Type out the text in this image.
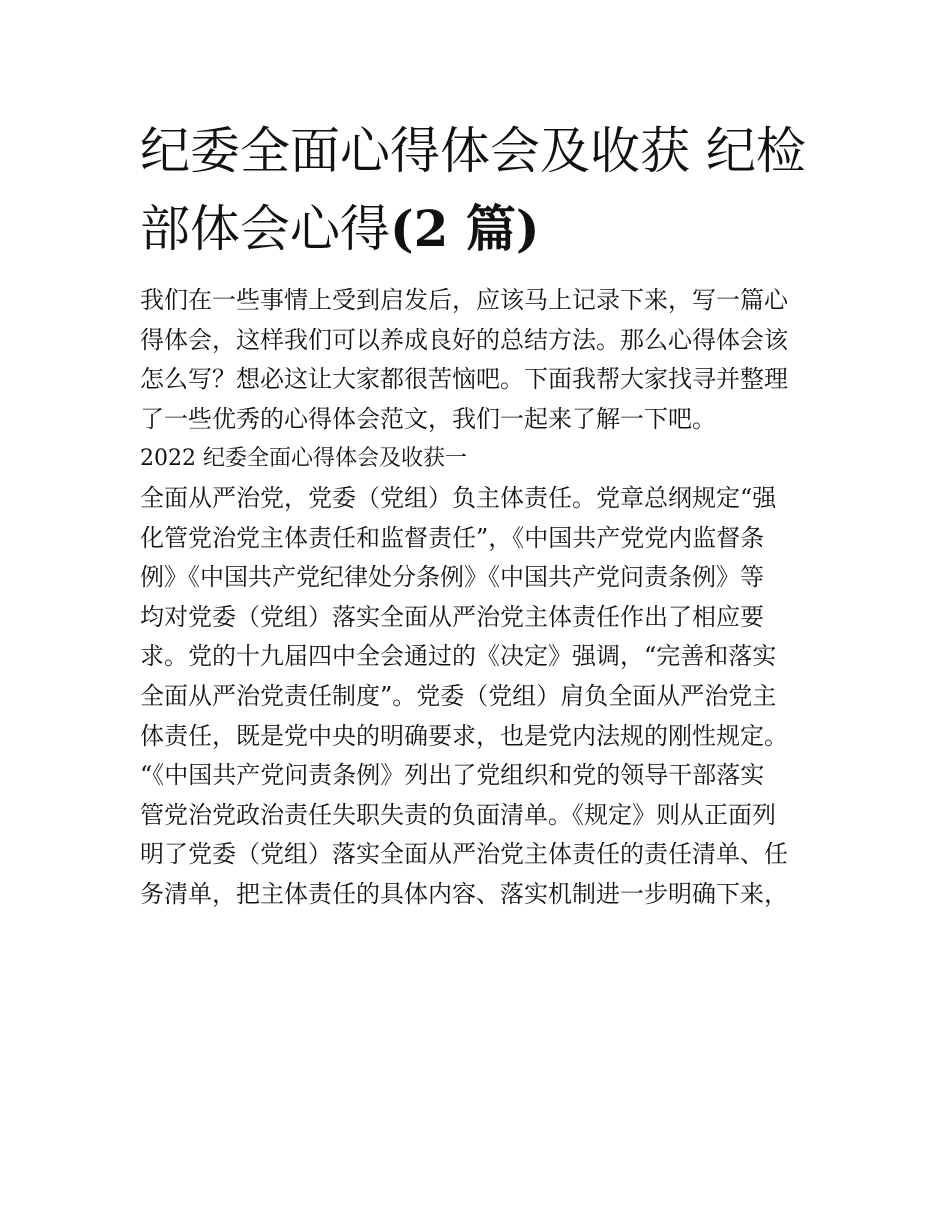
纪委全面心得体会及收获 纪检
部体会心得(2 篇)
我们在一些事情上受到启发后，应该马上记录下来，写一篇心
得体会，这样我们可以养成良好的总结方法。那么心得体会该
怎么写？想必这让大家都很苦恼吧。下面我帮大家找寻并整理
了一些优秀的心得体会范文，我们一起来了解一下吧。
2022 纪委全面心得体会及收获一
全面从严治党，党委（党组）负主体责任。党章总纲规定“强
化管党治党主体责任和监督责任”，《中国共产党党内监督条
例》《中国共产党纪律处分条例》《中国共产党问责条例》等
均对党委（党组）落实全面从严治党主体责任作出了相应要
求。党的十九届四中全会通过的《决定》强调，“完善和落实
全面从严治党责任制度”。党委（党组）肩负全面从严治党主
体责任，既是党中央的明确要求，也是党内法规的刚性规定。
“《中国共产党问责条例》列出了党组织和党的领导干部落实
管党治党政治责任失职失责的负面清单。《规定》则从正面列
明了党委（党组）落实全面从严治党主体责任的责任清单、任
务清单，把主体责任的具体内容、落实机制进一步明确下来，
